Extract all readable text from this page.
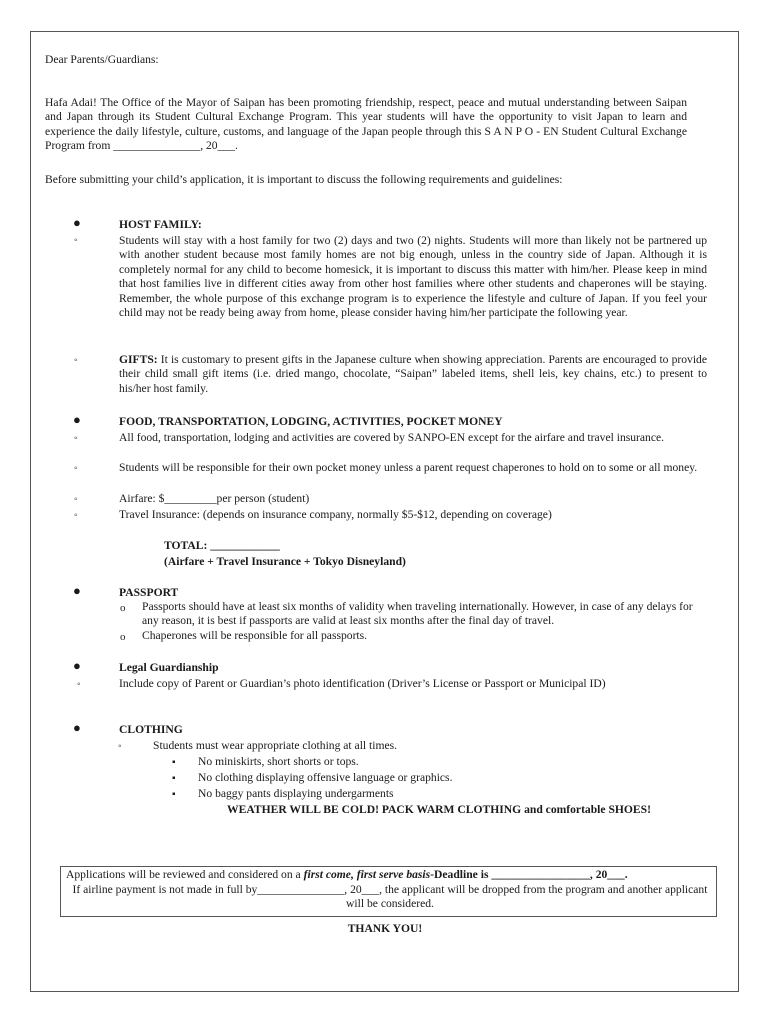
Dear Parents/Guardians:
Hafa Adai! The Office of the Mayor of Saipan has been promoting friendship, respect, peace and mutual understanding between Saipan and Japan through its Student Cultural Exchange Program. This year students will have the opportunity to visit Japan to learn and experience the daily lifestyle, culture, customs, and language of the Japan people through this S A N P O - EN Student Cultural Exchange Program from _______________, 20___.
Before submitting your child’s application, it is important to discuss the following requirements and guidelines:
●	HOST FAMILY:
◦	Students will stay with a host family for two (2) days and two (2) nights. Students will more than likely not be partnered up with another student because most family homes are not big enough, unless in the country side of Japan. Although it is completely normal for any child to become homesick, it is important to discuss this matter with him/her. Please keep in mind that host families live in different cities away from other host families where other students and chaperones will be staying. Remember, the whole purpose of this exchange program is to experience the lifestyle and culture of Japan. If you feel your child may not be ready being away from home, please consider having him/her participate the following year.
◦	GIFTS: It is customary to present gifts in the Japanese culture when showing appreciation. Parents are encouraged to provide their child small gift items (i.e. dried mango, chocolate, “Saipan” labeled items, shell leis, key chains, etc.) to present to his/her host family.
●	FOOD, TRANSPORTATION, LODGING, ACTIVITIES, POCKET MONEY
◦	All food, transportation, lodging and activities are covered by SANPO-EN except for the airfare and travel insurance.
◦	Students will be responsible for their own pocket money unless a parent request chaperones to hold on to some or all money.
◦	Airfare: $_________per person (student)
◦	Travel Insurance: (depends on insurance company, normally $5-$12, depending on coverage)
TOTAL: ____________
(Airfare + Travel Insurance + Tokyo Disneyland)
●	PASSPORT
o Passports should have at least six months of validity when traveling internationally. However, in case of any delays for any reason, it is best if passports are valid at least six months after the final day of travel.
o Chaperones will be responsible for all passports.
●	Legal Guardianship
◦	Include copy of Parent or Guardian’s photo identification (Driver’s License or Passport or Municipal ID)
●	CLOTHING
◦	Students must wear appropriate clothing at all times.
▪ No miniskirts, short shorts or tops.
▪ No clothing displaying offensive language or graphics.
▪ No baggy pants displaying undergarments
WEATHER WILL BE COLD! PACK WARM CLOTHING and comfortable SHOES!
Applications will be reviewed and considered on a first come, first serve basis-Deadline is _________________, 20___.
If airline payment is not made in full by_______________, 20___, the applicant will be dropped from the program and another applicant will be considered.
THANK YOU!
